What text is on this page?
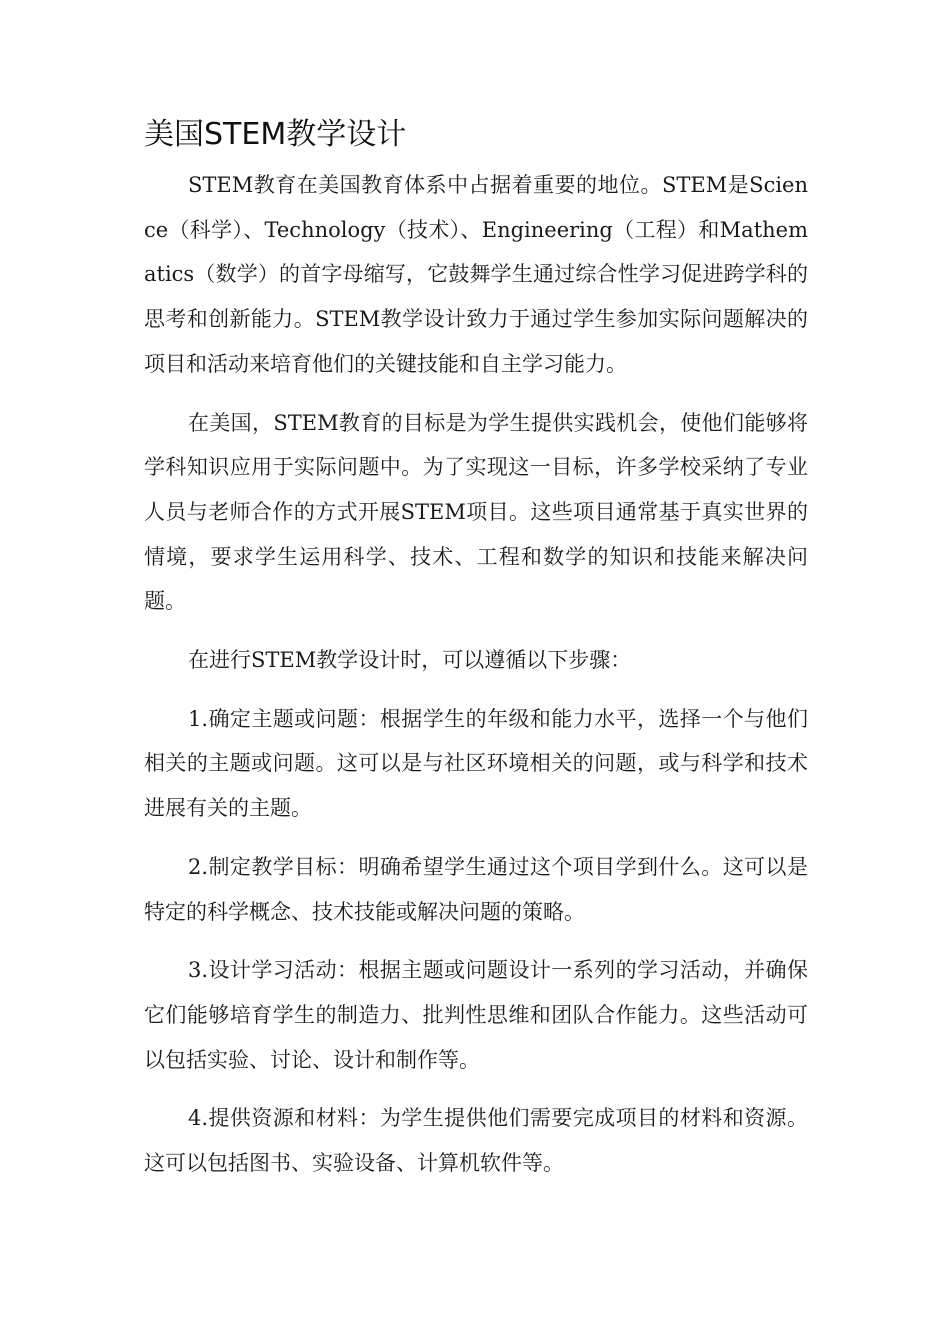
美国STEM教学设计

STEM教育在美国教育体系中占据着重要的地位。STEM是Science（科学）、Technology（技术）、Engineering（工程）和Mathematics（数学）的首字母缩写，它鼓舞学生通过综合性学习促进跨学科的思考和创新能力。STEM教学设计致力于通过学生参加实际问题解决的项目和活动来培育他们的关键技能和自主学习能力。

在美国，STEM教育的目标是为学生提供实践机会，使他们能够将学科知识应用于实际问题中。为了实现这一目标，许多学校采纳了专业人员与老师合作的方式开展STEM项目。这些项目通常基于真实世界的情境，要求学生运用科学、技术、工程和数学的知识和技能来解决问题。

在进行STEM教学设计时，可以遵循以下步骤：

1.确定主题或问题：根据学生的年级和能力水平，选择一个与他们相关的主题或问题。这可以是与社区环境相关的问题，或与科学和技术进展有关的主题。

2.制定教学目标：明确希望学生通过这个项目学到什么。这可以是特定的科学概念、技术技能或解决问题的策略。

3.设计学习活动：根据主题或问题设计一系列的学习活动，并确保它们能够培育学生的制造力、批判性思维和团队合作能力。这些活动可以包括实验、讨论、设计和制作等。

4.提供资源和材料：为学生提供他们需要完成项目的材料和资源。这可以包括图书、实验设备、计算机软件等。
